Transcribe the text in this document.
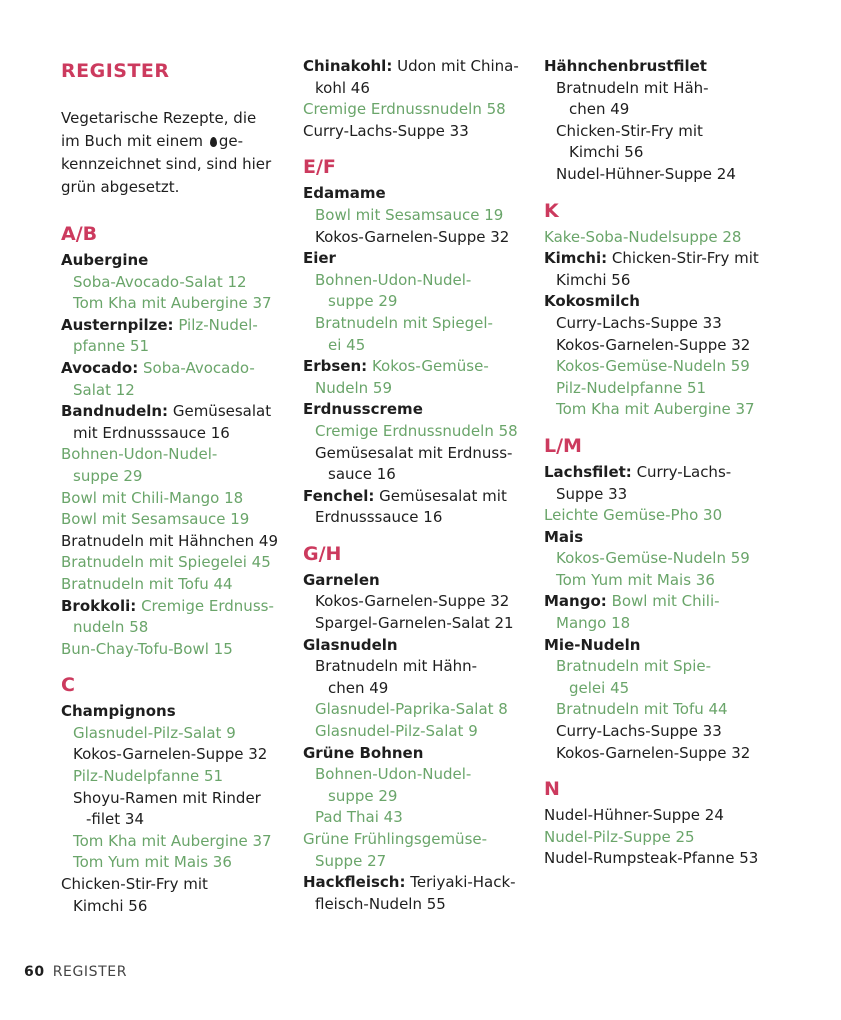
REGISTER
Vegetarische Rezepte, die
im Buch mit einem ge-
kennzeichnet sind, sind hier
grün abgesetzt.
A/B
Aubergine
Soba-Avocado-Salat 12
Tom Kha mit Aubergine 37
Austernpilze: Pilz-Nudel-
pfanne 51
Avocado: Soba-Avocado-
Salat 12
Bandnudeln: Gemüsesalat
mit Erdnusssauce 16
Bohnen-Udon-Nudel-
suppe 29
Bowl mit Chili-Mango 18
Bowl mit Sesamsauce 19
Bratnudeln mit Hähnchen 49
Bratnudeln mit Spiegelei 45
Bratnudeln mit Tofu 44
Brokkoli: Cremige Erdnuss-
nudeln 58
Bun-Chay-Tofu-Bowl 15
C
Champignons
Glasnudel-Pilz-Salat 9
Kokos-Garnelen-Suppe 32
Pilz-Nudelpfanne 51
Shoyu-Ramen mit Rinder
-filet 34
Tom Kha mit Aubergine 37
Tom Yum mit Mais 36
Chicken-Stir-Fry mit
Kimchi 56
Chinakohl: Udon mit China-
kohl 46
Cremige Erdnussnudeln 58
Curry-Lachs-Suppe 33
E/F
Edamame
Bowl mit Sesamsauce 19
Kokos-Garnelen-Suppe 32
Eier
Bohnen-Udon-Nudel-
suppe 29
Bratnudeln mit Spiegel-
ei 45
Erbsen: Kokos-Gemüse-
Nudeln 59
Erdnusscreme
Cremige Erdnussnudeln 58
Gemüsesalat mit Erdnuss-
sauce 16
Fenchel: Gemüsesalat mit
Erdnusssauce 16
G/H
Garnelen
Kokos-Garnelen-Suppe 32
Spargel-Garnelen-Salat 21
Glasnudeln
Bratnudeln mit Hähn-
chen 49
Glasnudel-Paprika-Salat 8
Glasnudel-Pilz-Salat 9
Grüne Bohnen
Bohnen-Udon-Nudel-
suppe 29
Pad Thai 43
Grüne Frühlingsgemüse-
Suppe 27
Hackfleisch: Teriyaki-Hack-
fleisch-Nudeln 55
Hähnchenbrustfilet
Bratnudeln mit Häh-
chen 49
Chicken-Stir-Fry mit
Kimchi 56
Nudel-Hühner-Suppe 24
K
Kake-Soba-Nudelsuppe 28
Kimchi: Chicken-Stir-Fry mit
Kimchi 56
Kokosmilch
Curry-Lachs-Suppe 33
Kokos-Garnelen-Suppe 32
Kokos-Gemüse-Nudeln 59
Pilz-Nudelpfanne 51
Tom Kha mit Aubergine 37
L/M
Lachsfilet: Curry-Lachs-
Suppe 33
Leichte Gemüse-Pho 30
Mais
Kokos-Gemüse-Nudeln 59
Tom Yum mit Mais 36
Mango: Bowl mit Chili-
Mango 18
Mie-Nudeln
Bratnudeln mit Spie-
gelei 45
Bratnudeln mit Tofu 44
Curry-Lachs-Suppe 33
Kokos-Garnelen-Suppe 32
N
Nudel-Hühner-Suppe 24
Nudel-Pilz-Suppe 25
Nudel-Rumpsteak-Pfanne 53
60 REGISTER
